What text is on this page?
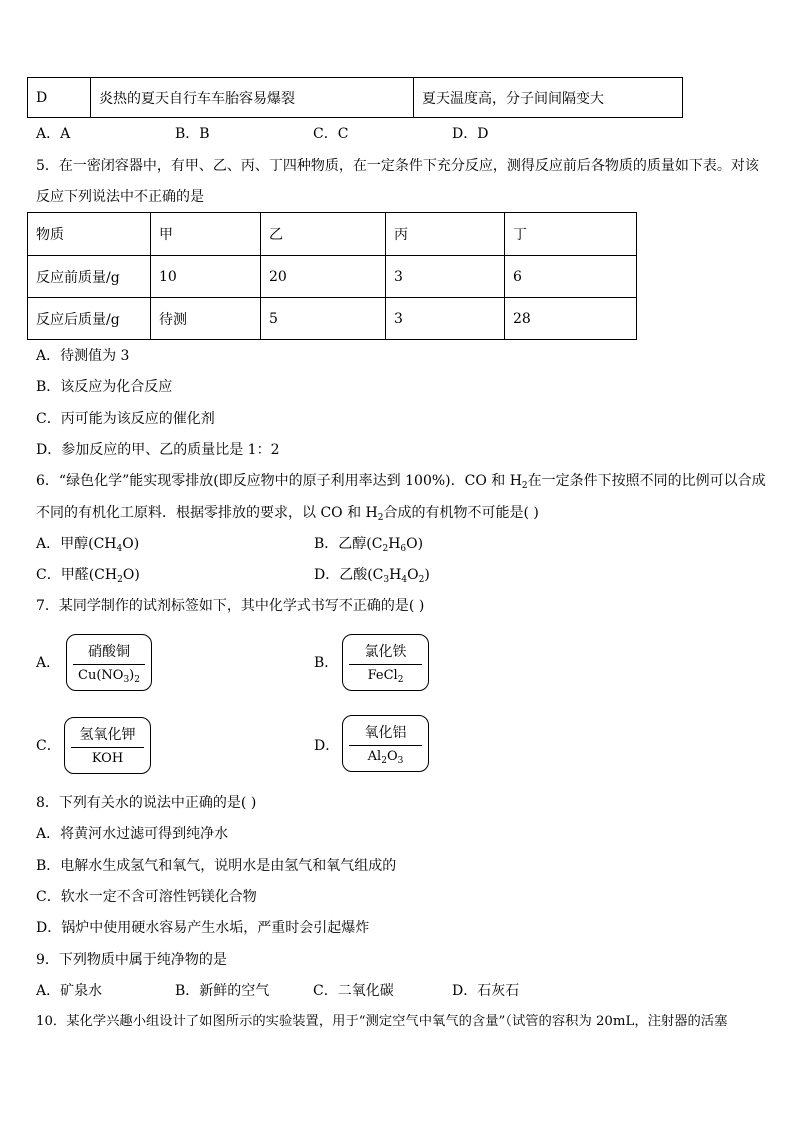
D	炎热的夏天自行车车胎容易爆裂	夏天温度高，分子间间隔变大
A．A	B．B	C．C	D．D
5．在一密闭容器中，有甲、乙、丙、丁四种物质，在一定条件下充分反应，测得反应前后各物质的质量如下表。对该
反应下列说法中不正确的是
物质	甲	乙	丙	丁
反应前质量/g	10	20	3	6
反应后质量/g	待测	5	3	28
A．待测值为 3
B．该反应为化合反应
C．丙可能为该反应的催化剂
D．参加反应的甲、乙的质量比是 1：2
6．“绿色化学”能实现零排放(即反应物中的原子利用率达到 100%)．CO 和 $H_2$在一定条件下按照不同的比例可以合成
不同的有机化工原料．根据零排放的要求，以 CO 和 $H_2$合成的有机物不可能是( )
A．甲醇$(CH_4O)$	B．乙醇$(C_2H_6O)$
C．甲醛$(CH_2O)$	D．乙酸$(C_3H_4O_2)$
7．某同学制作的试剂标签如下，其中化学式书写不正确的是( )
A．
硝酸铜
$Cu(NO_3)_2$
B．
氯化铁
FeCl$_2$
C．
氢氧化钾
KOH
D．
氧化铝
$Al_2O_3$
8．下列有关水的说法中正确的是( )
A．将黄河水过滤可得到纯净水
B．电解水生成氢气和氧气，说明水是由氢气和氧气组成的
C．软水一定不含可溶性钙镁化合物
D．锅炉中使用硬水容易产生水垢，严重时会引起爆炸
9．下列物质中属于纯净物的是
A．矿泉水	B．新鲜的空气	C．二氧化碳	D．石灰石
10．某化学兴趣小组设计了如图所示的实验装置，用于“测定空气中氧气的含量”（试管的容积为 20mL，注射器的活塞
